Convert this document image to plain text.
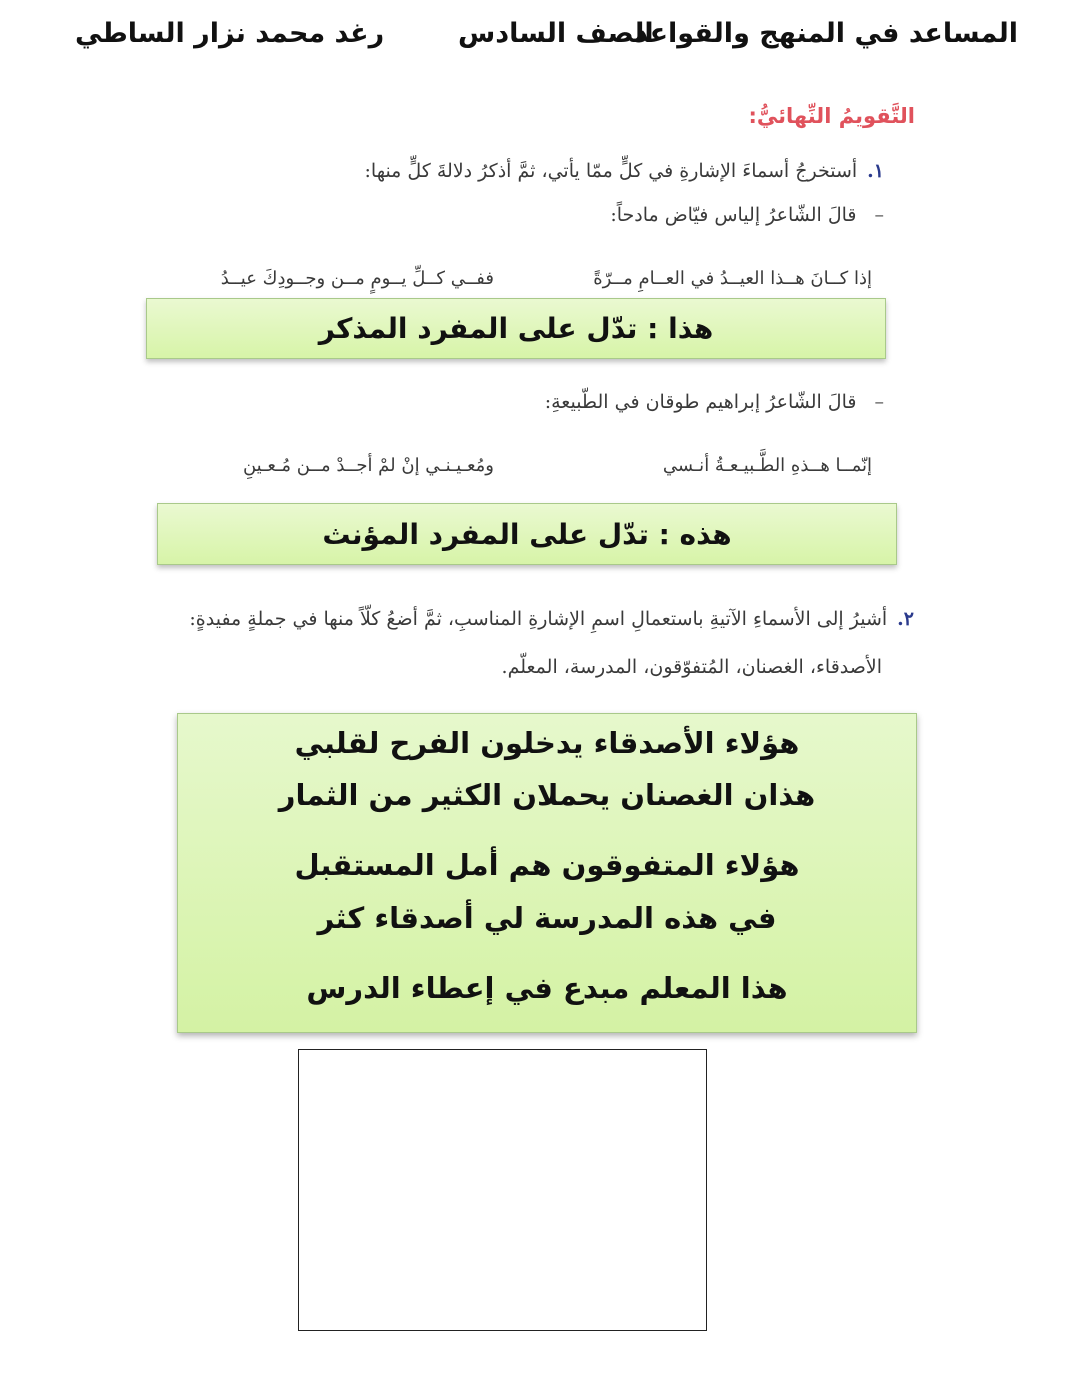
المساعد في المنهج والقواعد
الصف السادس
رغد محمد نزار الساطي
التَّقويمُ النِّهائيُّ:
١.أستخرجُ أسماءَ الإشارةِ في كلٍّ ممّا يأتي، ثمَّ أذكرُ دلالةَ كلٍّ منها:
–قالَ الشّاعرُ إلياس فيّاض مادحاً:
إذا كــانَ هــذا العيــدُ في العــامِ مــرّةً
ففــي كــلِّ يــومٍ مــن وجــودِكَ عيــدُ
هذا : تدّل على المفرد المذكر
–قالَ الشّاعرُ إبراهيم طوقان في الطّبيعةِ:
إنّمــا هــذهِ الطَّـبيـعـةُ أنـسي
ومُعـيـنـي إنْ لمْ أجــدْ مــن مُـعـينِ
هذه : تدّل على المفرد المؤنث
٢.أشيرُ إلى الأسماءِ الآتيةِ باستعمالِ اسمِ الإشارةِ المناسبِ، ثمَّ أضعُ كلّاً منها في جملةٍ مفيدةٍ:
الأصدقاء، الغصنان، المُتفوّقون، المدرسة، المعلّم.
هؤلاء الأصدقاء يدخلون الفرح لقلبي
هذان الغصنان يحملان الكثير من الثمار
هؤلاء المتفوقون هم أمل المستقبل
في هذه المدرسة لي أصدقاء كثر
هذا المعلم مبدع في إعطاء الدرس
